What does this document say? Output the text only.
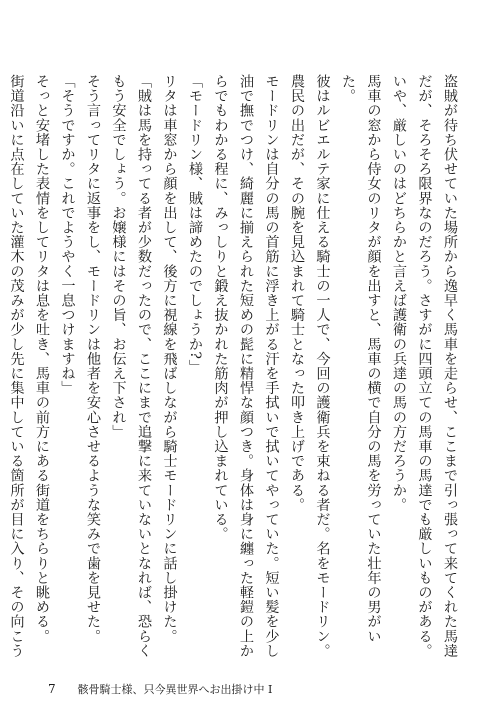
盗賊が待ち伏せていた場所から逸早く馬車を走らせ、ここまで引っ張って来てくれた馬達だが、そろそろ限界なのだろう。さすがに四頭立ての馬車の馬達でも厳しいものがある。いや、厳しいのはどちらかと言えば護衛の兵達の馬の方だろうか。

馬車の窓から侍女のリタが顔を出すと、馬車の横で自分の馬を労っていた壮年の男がいた。

彼はルビエルテ家に仕える騎士の一人で、今回の護衛兵を束ねる者だ。名をモードリン。農民の出だが、その腕を見込まれて騎士となった叩き上げである。

モードリンは自分の馬の首筋に浮き上がる汗を手拭いで拭いてやっていた。短い髪を少し油で撫でつけ、綺麗に揃えられた短めの髭に精悍な顔つき。身体は身に纏った軽鎧の上からでもわかる程に、みっしりと鍛え抜かれた筋肉が押し込まれている。

「モードリン様、賊は諦めたのでしょうか?」

リタは車窓から顔を出して、後方に視線を飛ばしながら騎士モードリンに話し掛けた。

「賊は馬を持ってる者が少数だったので、ここにまで追撃に来ていないとなれば、恐らくもう安全でしょう。お嬢様にはその旨、お伝え下され」

そう言ってリタに返事をし、モードリンは他者を安心させるような笑みで歯を見せた。

「そうですか。これでようやく一息つけますね」

そっと安堵した表情をしてリタは息を吐き、馬車の前方にある街道をちらりと眺める。

街道沿いに点在していた灌木の茂みが少し先に集中している箇所が目に入り、その向こう

7 骸骨騎士様、只今異世界へお出掛け中 I
